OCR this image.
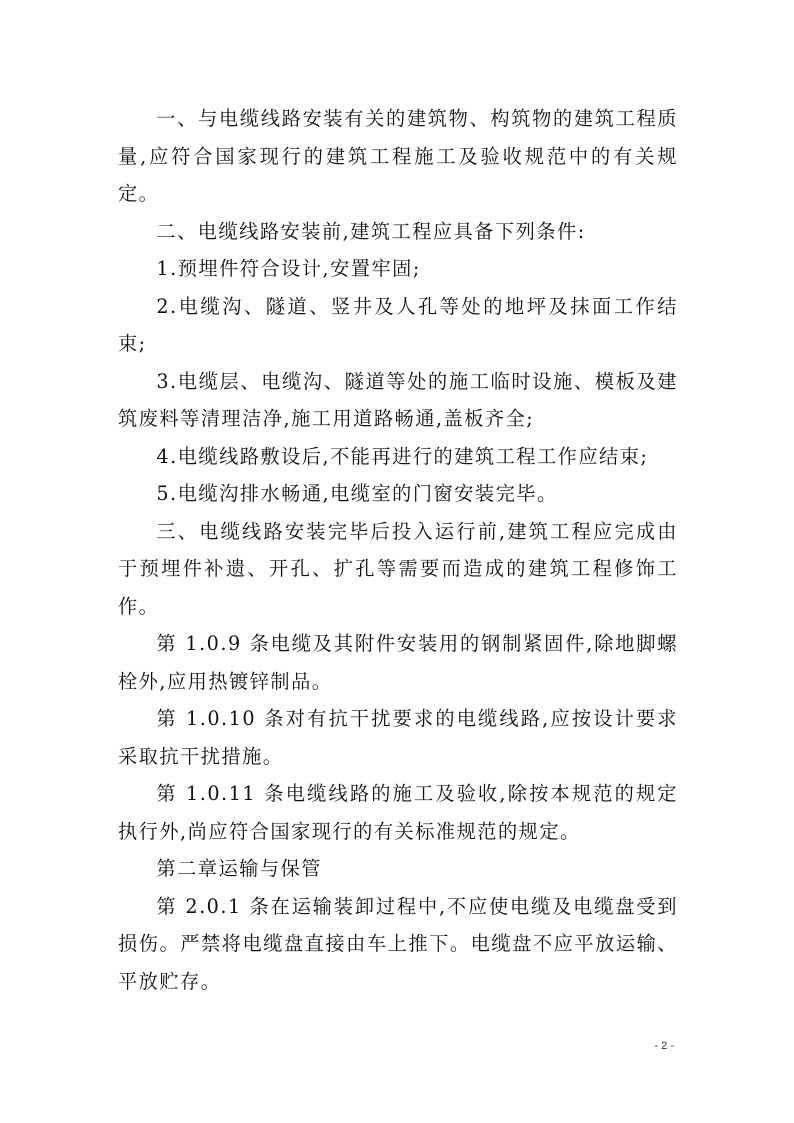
一、与电缆线路安装有关的建筑物、构筑物的建筑工程质量,应符合国家现行的建筑工程施工及验收规范中的有关规定。

二、电缆线路安装前,建筑工程应具备下列条件:

1.预埋件符合设计,安置牢固;

2.电缆沟、隧道、竖井及人孔等处的地坪及抹面工作结束;

3.电缆层、电缆沟、隧道等处的施工临时设施、模板及建筑废料等清理洁净,施工用道路畅通,盖板齐全;

4.电缆线路敷设后,不能再进行的建筑工程工作应结束;

5.电缆沟排水畅通,电缆室的门窗安装完毕。

三、电缆线路安装完毕后投入运行前,建筑工程应完成由于预埋件补遗、开孔、扩孔等需要而造成的建筑工程修饰工作。

第 1.0.9 条电缆及其附件安装用的钢制紧固件,除地脚螺栓外,应用热镀锌制品。

第 1.0.10 条对有抗干扰要求的电缆线路,应按设计要求采取抗干扰措施。

第 1.0.11 条电缆线路的施工及验收,除按本规范的规定执行外,尚应符合国家现行的有关标准规范的规定。

第二章运输与保管

第 2.0.1 条在运输装卸过程中,不应使电缆及电缆盘受到损伤。严禁将电缆盘直接由车上推下。电缆盘不应平放运输、平放贮存。

- 2 -
